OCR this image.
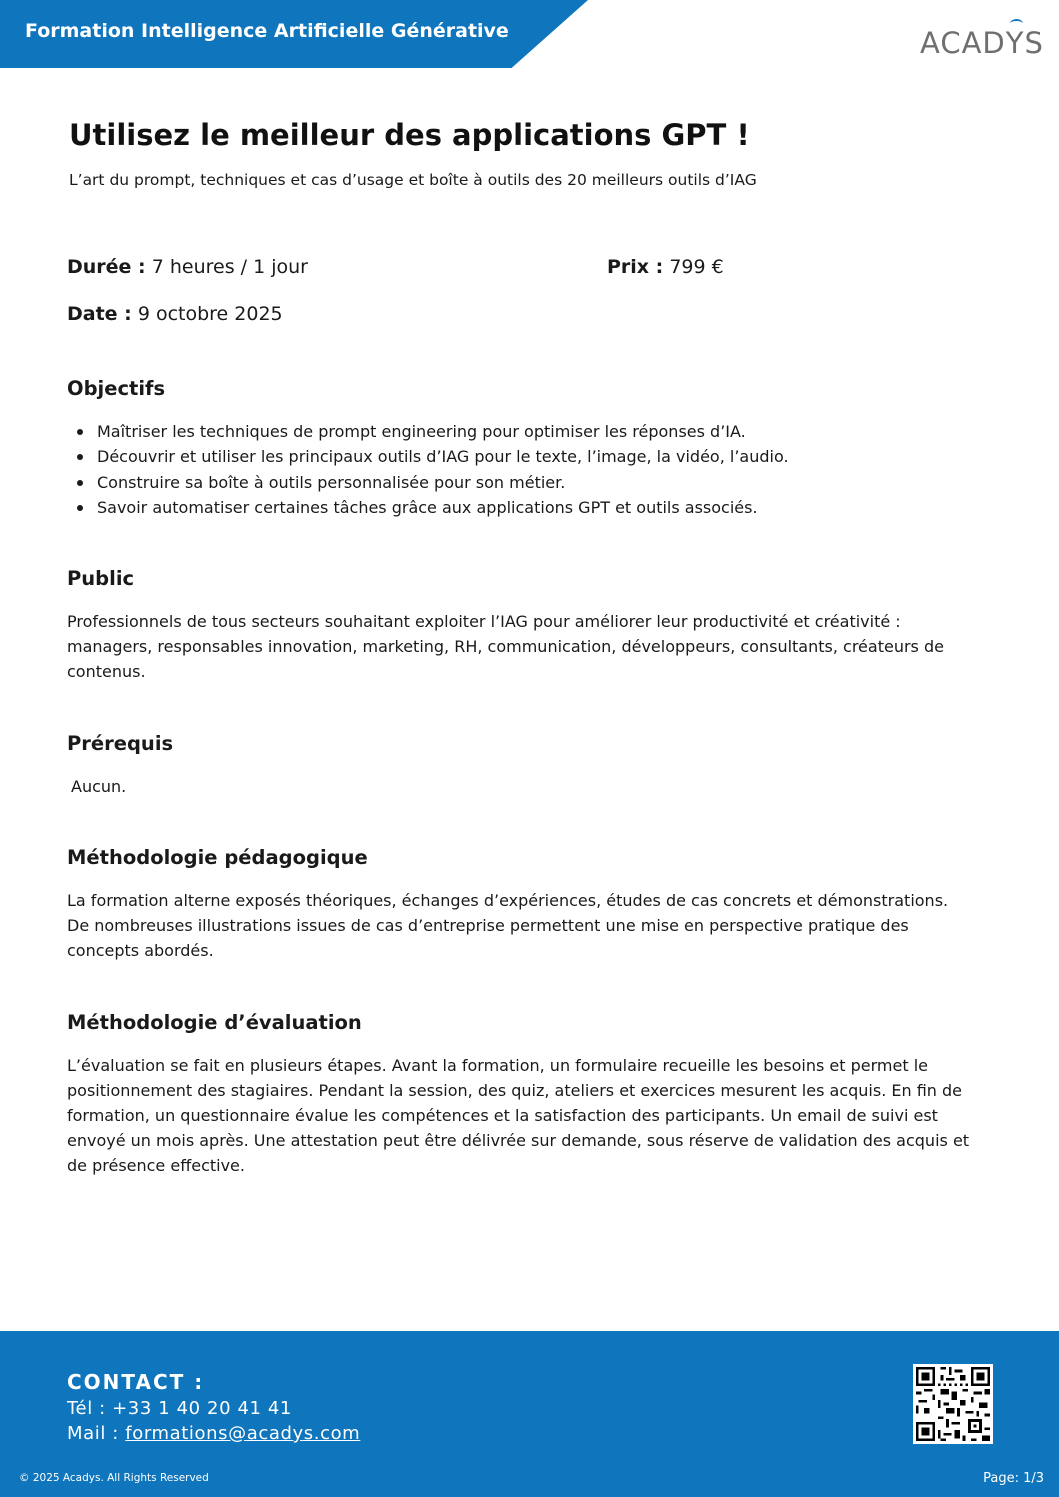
Formation Intelligence Artificielle Générative	ACADYS
Utilisez le meilleur des applications GPT !
L’art du prompt, techniques et cas d’usage et boîte à outils des 20 meilleurs outils d’IAG
Durée : 7 heures / 1 jour	Prix : 799 €
Date : 9 octobre 2025
Objectifs
Maîtriser les techniques de prompt engineering pour optimiser les réponses d’IA.
Découvrir et utiliser les principaux outils d’IAG pour le texte, l’image, la vidéo, l’audio.
Construire sa boîte à outils personnalisée pour son métier.
Savoir automatiser certaines tâches grâce aux applications GPT et outils associés.
Public
Professionnels de tous secteurs souhaitant exploiter l’IAG pour améliorer leur productivité et créativité : managers, responsables innovation, marketing, RH, communication, développeurs, consultants, créateurs de contenus.
Prérequis
Aucun.
Méthodologie pédagogique
La formation alterne exposés théoriques, échanges d’expériences, études de cas concrets et démonstrations. De nombreuses illustrations issues de cas d’entreprise permettent une mise en perspective pratique des concepts abordés.
Méthodologie d’évaluation
L’évaluation se fait en plusieurs étapes. Avant la formation, un formulaire recueille les besoins et permet le positionnement des stagiaires. Pendant la session, des quiz, ateliers et exercices mesurent les acquis. En fin de formation, un questionnaire évalue les compétences et la satisfaction des participants. Un email de suivi est envoyé un mois après. Une attestation peut être délivrée sur demande, sous réserve de validation des acquis et de présence effective.
CONTACT :
Tél : +33 1 40 20 41 41
Mail : formations@acadys.com
© 2025 Acadys. All Rights Reserved	Page: 1/3
